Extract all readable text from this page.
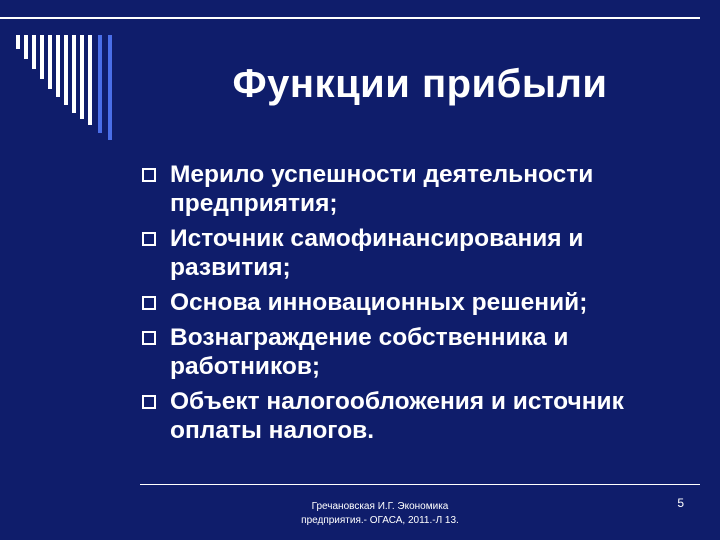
Функции прибыли
Мерило успешности деятельности предприятия;
Источник самофинансирования и развития;
Основа инновационных решений;
Вознаграждение собственника и работников;
Объект налогообложения и источник оплаты налогов.
Гречановская И.Г. Экономика
предприятия.- ОГАСА, 2011.-Л 13.
5
